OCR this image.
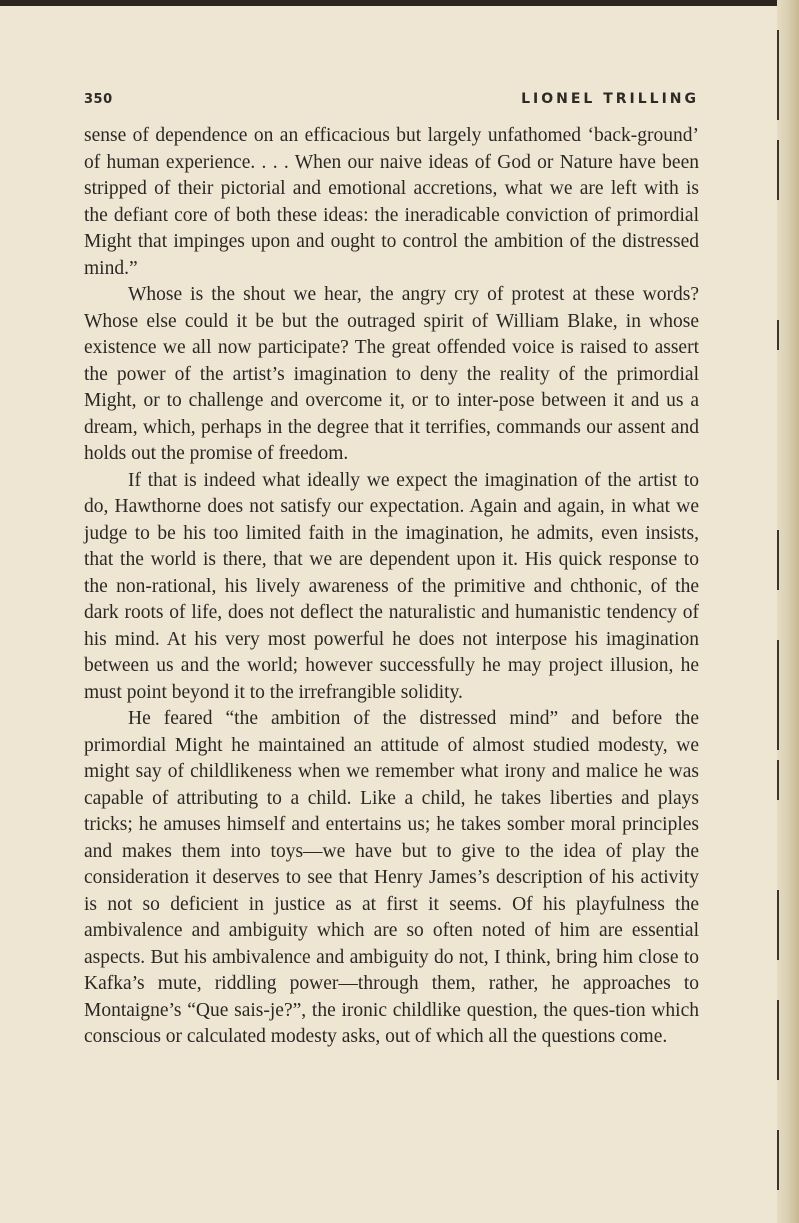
350	LIONEL TRILLING

sense of dependence on an efficacious but largely unfathomed ‘back-ground’ of human experience. . . . When our naive ideas of God or Nature have been stripped of their pictorial and emotional accretions, what we are left with is the defiant core of both these ideas: the ineradicable conviction of primordial Might that impinges upon and ought to control the ambition of the distressed mind.”

Whose is the shout we hear, the angry cry of protest at these words? Whose else could it be but the outraged spirit of William Blake, in whose existence we all now participate? The great offended voice is raised to assert the power of the artist’s imagination to deny the reality of the primordial Might, or to challenge and overcome it, or to inter-pose between it and us a dream, which, perhaps in the degree that it terrifies, commands our assent and holds out the promise of freedom.

If that is indeed what ideally we expect the imagination of the artist to do, Hawthorne does not satisfy our expectation. Again and again, in what we judge to be his too limited faith in the imagination, he admits, even insists, that the world is there, that we are dependent upon it. His quick response to the non-rational, his lively awareness of the primitive and chthonic, of the dark roots of life, does not deflect the naturalistic and humanistic tendency of his mind. At his very most powerful he does not interpose his imagination between us and the world; however successfully he may project illusion, he must point beyond it to the irrefrangible solidity.

He feared “the ambition of the distressed mind” and before the primordial Might he maintained an attitude of almost studied modesty, we might say of childlikeness when we remember what irony and malice he was capable of attributing to a child. Like a child, he takes liberties and plays tricks; he amuses himself and entertains us; he takes somber moral principles and makes them into toys—we have but to give to the idea of play the consideration it deserves to see that Henry James’s description of his activity is not so deficient in justice as at first it seems. Of his playfulness the ambivalence and ambiguity which are so often noted of him are essential aspects. But his ambivalence and ambiguity do not, I think, bring him close to Kafka’s mute, riddling power—through them, rather, he approaches to Montaigne’s “Que sais-je?”, the ironic childlike question, the ques-tion which conscious or calculated modesty asks, out of which all the questions come.
